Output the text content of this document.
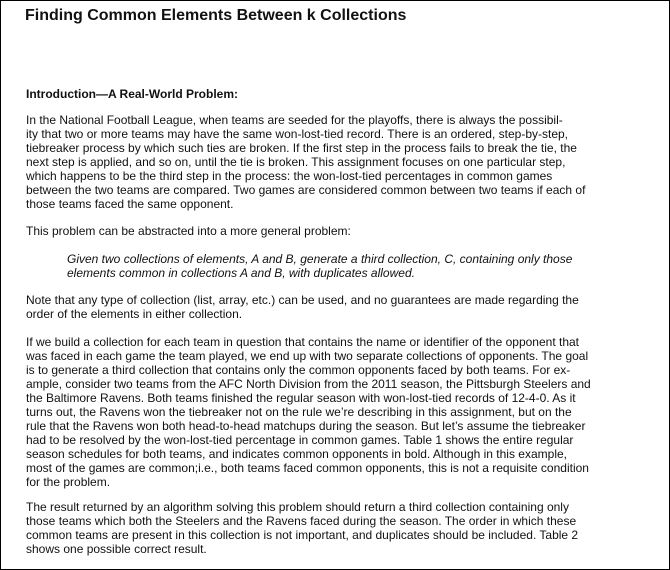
Finding Common Elements Between k Collections
Introduction—A Real-World Problem:
In the National Football League, when teams are seeded for the playoffs, there is always the possibil-
ity that two or more teams may have the same won-lost-tied record. There is an ordered, step-by-step,
tiebreaker process by which such ties are broken. If the first step in the process fails to break the tie, the
next step is applied, and so on, until the tie is broken. This assignment focuses on one particular step,
which happens to be the third step in the process: the won-lost-tied percentages in common games
between the two teams are compared. Two games are considered common between two teams if each of
those teams faced the same opponent.
This problem can be abstracted into a more general problem:
Given two collections of elements, A and B, generate a third collection, C, containing only those
elements common in collections A and B, with duplicates allowed.
Note that any type of collection (list, array, etc.) can be used, and no guarantees are made regarding the
order of the elements in either collection.
If we build a collection for each team in question that contains the name or identifier of the opponent that
was faced in each game the team played, we end up with two separate collections of opponents. The goal
is to generate a third collection that contains only the common opponents faced by both teams. For ex-
ample, consider two teams from the AFC North Division from the 2011 season, the Pittsburgh Steelers and
the Baltimore Ravens. Both teams finished the regular season with won-lost-tied records of 12-4-0. As it
turns out, the Ravens won the tiebreaker not on the rule we’re describing in this assignment, but on the
rule that the Ravens won both head-to-head matchups during the season. But let’s assume the tiebreaker
had to be resolved by the won-lost-tied percentage in common games. Table 1 shows the entire regular
season schedules for both teams, and indicates common opponents in bold. Although in this example,
most of the games are common;i.e., both teams faced common opponents, this is not a requisite condition
for the problem.
The result returned by an algorithm solving this problem should return a third collection containing only
those teams which both the Steelers and the Ravens faced during the season. The order in which these
common teams are present in this collection is not important, and duplicates should be included. Table 2
shows one possible correct result.
